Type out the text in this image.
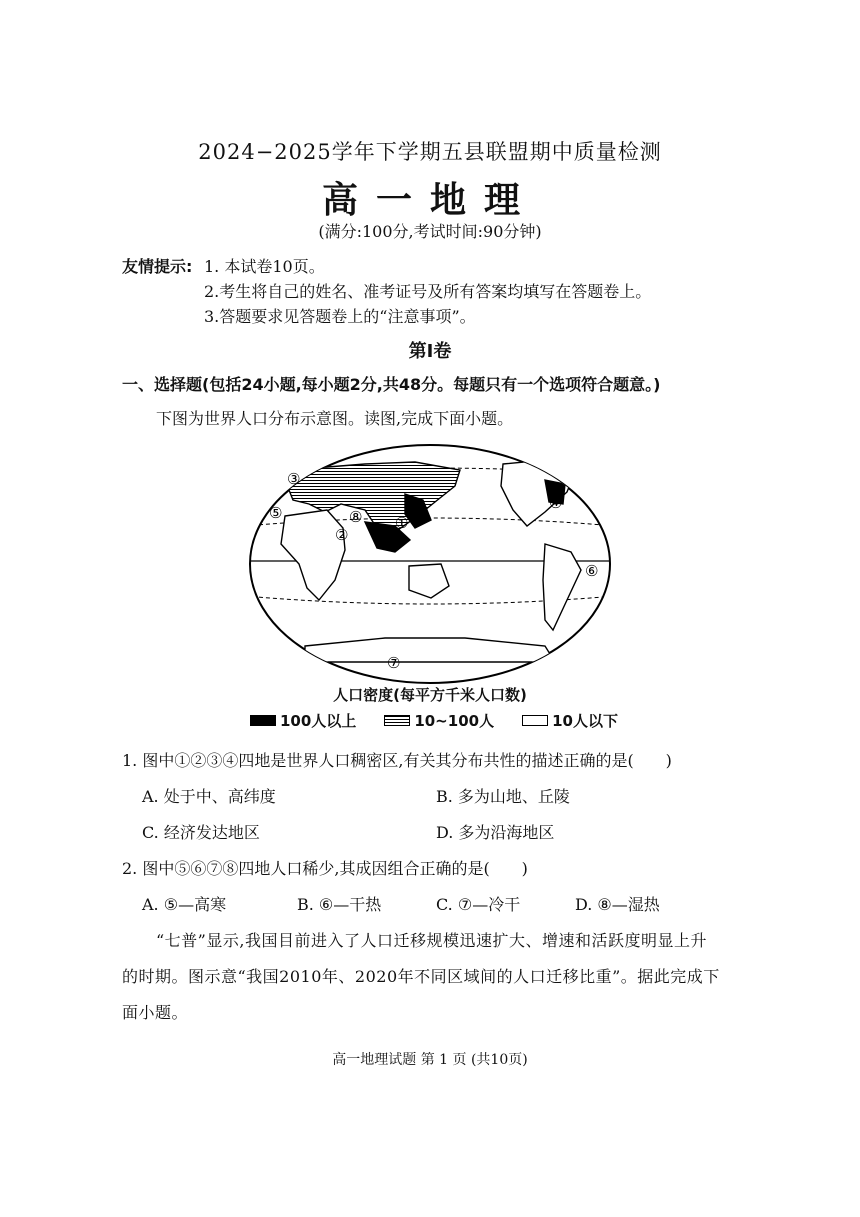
2024−2025学年下学期五县联盟期中质量检测
高一地理
(满分:100分,考试时间:90分钟)
友情提示: 1. 本试卷10页。
2.考生将自己的姓名、准考证号及所有答案均填写在答题卷上。
3.答题要求见答题卷上的“注意事项”。
第Ⅰ卷
一、选择题(包括24小题,每小题2分,共48分。每题只有一个选项符合题意。)
下图为世界人口分布示意图。读图,完成下面小题。
①
②
③
④
⑤
⑥
⑦
⑧
人口密度(每平方千米人口数)
100人以上	10~100人	10人以下
1. 图中①②③④四地是世界人口稠密区,有关其分布共性的描述正确的是(　　)
A. 处于中、高纬度	B. 多为山地、丘陵
C. 经济发达地区	D. 多为沿海地区
2. 图中⑤⑥⑦⑧四地人口稀少,其成因组合正确的是(　　)
A. ⑤—高寒	B. ⑥—干热	C. ⑦—冷干	D. ⑧—湿热
“七普”显示,我国目前进入了人口迁移规模迅速扩大、增速和活跃度明显上升
的时期。图示意“我国2010年、2020年不同区域间的人口迁移比重”。据此完成下
面小题。
高一地理试题 第 1 页 (共10页)
